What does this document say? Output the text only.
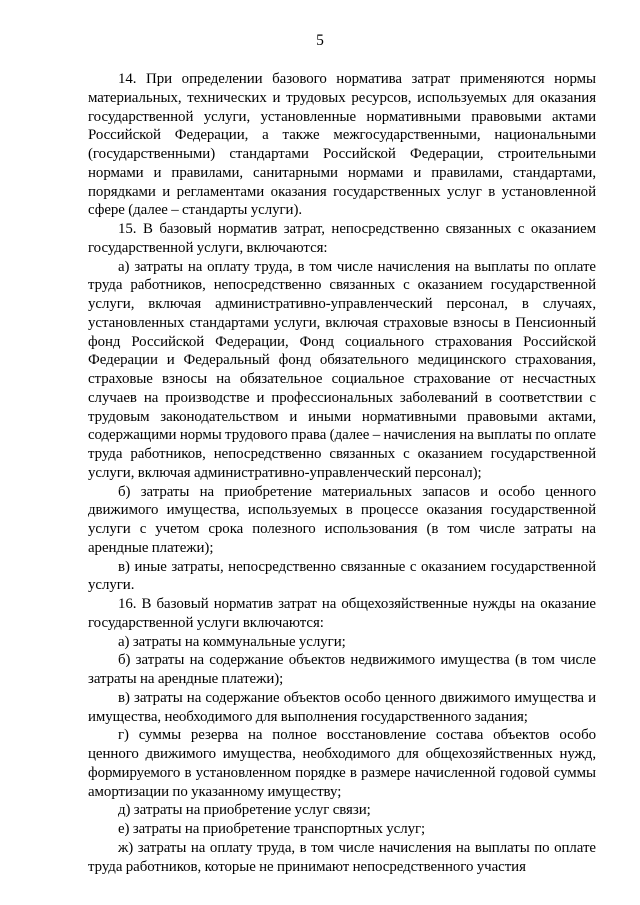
5

14. При определении базового норматива затрат применяются нормы материальных, технических и трудовых ресурсов, используемых для оказания государственной услуги, установленные нормативными правовыми актами Российской Федерации, а также межгосударственными, национальными (государственными) стандартами Российской Федерации, строительными нормами и правилами, санитарными нормами и правилами, стандартами, порядками и регламентами оказания государственных услуг в установленной сфере (далее – стандарты услуги).

15. В базовый норматив затрат, непосредственно связанных с оказанием государственной услуги, включаются:

а) затраты на оплату труда, в том числе начисления на выплаты по оплате труда работников, непосредственно связанных с оказанием государственной услуги, включая административно-управленческий персонал, в случаях, установленных стандартами услуги, включая страховые взносы в Пенсионный фонд Российской Федерации, Фонд социального страхования Российской Федерации и Федеральный фонд обязательного медицинского страхования, страховые взносы на обязательное социальное страхование от несчастных случаев на производстве и профессиональных заболеваний в соответствии с трудовым законодательством и иными нормативными правовыми актами, содержащими нормы трудового права (далее – начисления на выплаты по оплате труда работников, непосредственно связанных с оказанием государственной услуги, включая административно-управленческий персонал);

б) затраты на приобретение материальных запасов и особо ценного движимого имущества, используемых в процессе оказания государственной услуги с учетом срока полезного использования (в том числе затраты на арендные платежи);

в) иные затраты, непосредственно связанные с оказанием государственной услуги.

16. В базовый норматив затрат на общехозяйственные нужды на оказание государственной услуги включаются:

а) затраты на коммунальные услуги;

б) затраты на содержание объектов недвижимого имущества (в том числе затраты на арендные платежи);

в) затраты на содержание объектов особо ценного движимого имущества и имущества, необходимого для выполнения государственного задания;

г) суммы резерва на полное восстановление состава объектов особо ценного движимого имущества, необходимого для общехозяйственных нужд, формируемого в установленном порядке в размере начисленной годовой суммы амортизации по указанному имуществу;

д) затраты на приобретение услуг связи;

е) затраты на приобретение транспортных услуг;

ж) затраты на оплату труда, в том числе начисления на выплаты по оплате труда работников, которые не принимают непосредственного участия
